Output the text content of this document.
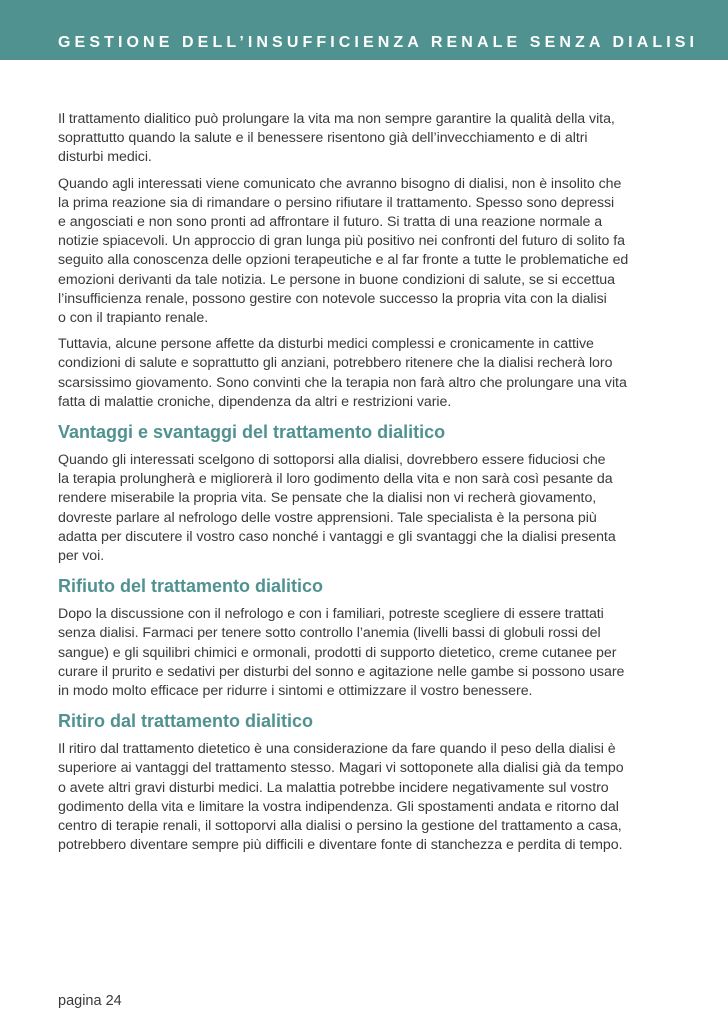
GESTIONE DELL’INSUFFICIENZA RENALE SENZA DIALISI

Il trattamento dialitico può prolungare la vita ma non sempre garantire la qualità della vita,
soprattutto quando la salute e il benessere risentono già dell’invecchiamento e di altri
disturbi medici.

Quando agli interessati viene comunicato che avranno bisogno di dialisi, non è insolito che
la prima reazione sia di rimandare o persino rifiutare il trattamento. Spesso sono depressi
e angosciati e non sono pronti ad affrontare il futuro. Si tratta di una reazione normale a
notizie spiacevoli. Un approccio di gran lunga più positivo nei confronti del futuro di solito fa
seguito alla conoscenza delle opzioni terapeutiche e al far fronte a tutte le problematiche ed
emozioni derivanti da tale notizia. Le persone in buone condizioni di salute, se si eccettua
l’insufficienza renale, possono gestire con notevole successo la propria vita con la dialisi
o con il trapianto renale.

Tuttavia, alcune persone affette da disturbi medici complessi e cronicamente in cattive
condizioni di salute e soprattutto gli anziani, potrebbero ritenere che la dialisi recherà loro
scarsissimo giovamento. Sono convinti che la terapia non farà altro che prolungare una vita
fatta di malattie croniche, dipendenza da altri e restrizioni varie.

Vantaggi e svantaggi del trattamento dialitico

Quando gli interessati scelgono di sottoporsi alla dialisi, dovrebbero essere fiduciosi che
la terapia prolungherà e migliorerà il loro godimento della vita e non sarà così pesante da
rendere miserabile la propria vita. Se pensate che la dialisi non vi recherà giovamento,
dovreste parlare al nefrologo delle vostre apprensioni. Tale specialista è la persona più
adatta per discutere il vostro caso nonché i vantaggi e gli svantaggi che la dialisi presenta
per voi.

Rifiuto del trattamento dialitico

Dopo la discussione con il nefrologo e con i familiari, potreste scegliere di essere trattati
senza dialisi. Farmaci per tenere sotto controllo l’anemia (livelli bassi di globuli rossi del
sangue) e gli squilibri chimici e ormonali, prodotti di supporto dietetico, creme cutanee per
curare il prurito e sedativi per disturbi del sonno e agitazione nelle gambe si possono usare
in modo molto efficace per ridurre i sintomi e ottimizzare il vostro benessere.

Ritiro dal trattamento dialitico

Il ritiro dal trattamento dietetico è una considerazione da fare quando il peso della dialisi è
superiore ai vantaggi del trattamento stesso. Magari vi sottoponete alla dialisi già da tempo
o avete altri gravi disturbi medici. La malattia potrebbe incidere negativamente sul vostro
godimento della vita e limitare la vostra indipendenza. Gli spostamenti andata e ritorno dal
centro di terapie renali, il sottoporvi alla dialisi o persino la gestione del trattamento a casa,
potrebbero diventare sempre più difficili e diventare fonte di stanchezza e perdita di tempo.

pagina 24
